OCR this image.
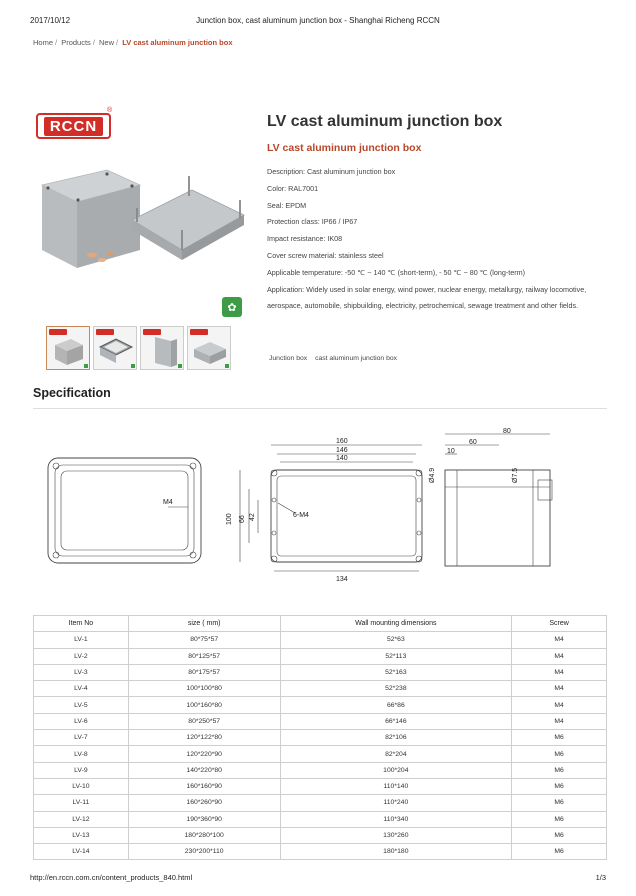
2017/10/12	Junction box, cast aluminum junction box - Shanghai Richeng RCCN
Home / Products / New / LV cast aluminum junction box
RCCN
®
✿
LV cast aluminum junction box
LV cast aluminum junction box
Description: Cast aluminum junction box
Color: RAL7001
Seal: EPDM
Protection class: IP66 / IP67
Impact resistance: IK08
Cover screw material: stainless steel
Applicable temperature: -50 ℃ ~ 140 ℃ (short-term), - 50 ℃ ~ 80 ℃ (long-term)
Application: Widely used in solar energy, wind power, nuclear energy, metallurgy, railway locomotive, aerospace, automobile, shipbuilding, electricity, petrochemical, sewage treatment and other fields.
Junction box cast aluminum junction box
Specification
M4
160
146
140
134
100 66 42	6-M4
80
60
10
Ø4.9	Ø7.5
Item No	size ( mm)	Wall mounting dimensions	Screw
LV-1	80*75*57	52*63	M4
LV-2	80*125*57	52*113	M4
LV-3	80*175*57	52*163	M4
LV-4	100*100*80	52*238	M4
LV-5	100*160*80	66*86	M4
LV-6	80*250*57	66*146	M4
LV-7	120*122*80	82*106	M6
LV-8	120*220*90	82*204	M6
LV-9	140*220*80	100*204	M6
LV-10	160*160*90	110*140	M6
LV-11	160*260*90	110*240	M6
LV-12	190*360*90	110*340	M6
LV-13	180*280*100	130*260	M6
LV-14	230*200*110	180*180	M6
http://en.rccn.com.cn/content_products_840.html	1/3
